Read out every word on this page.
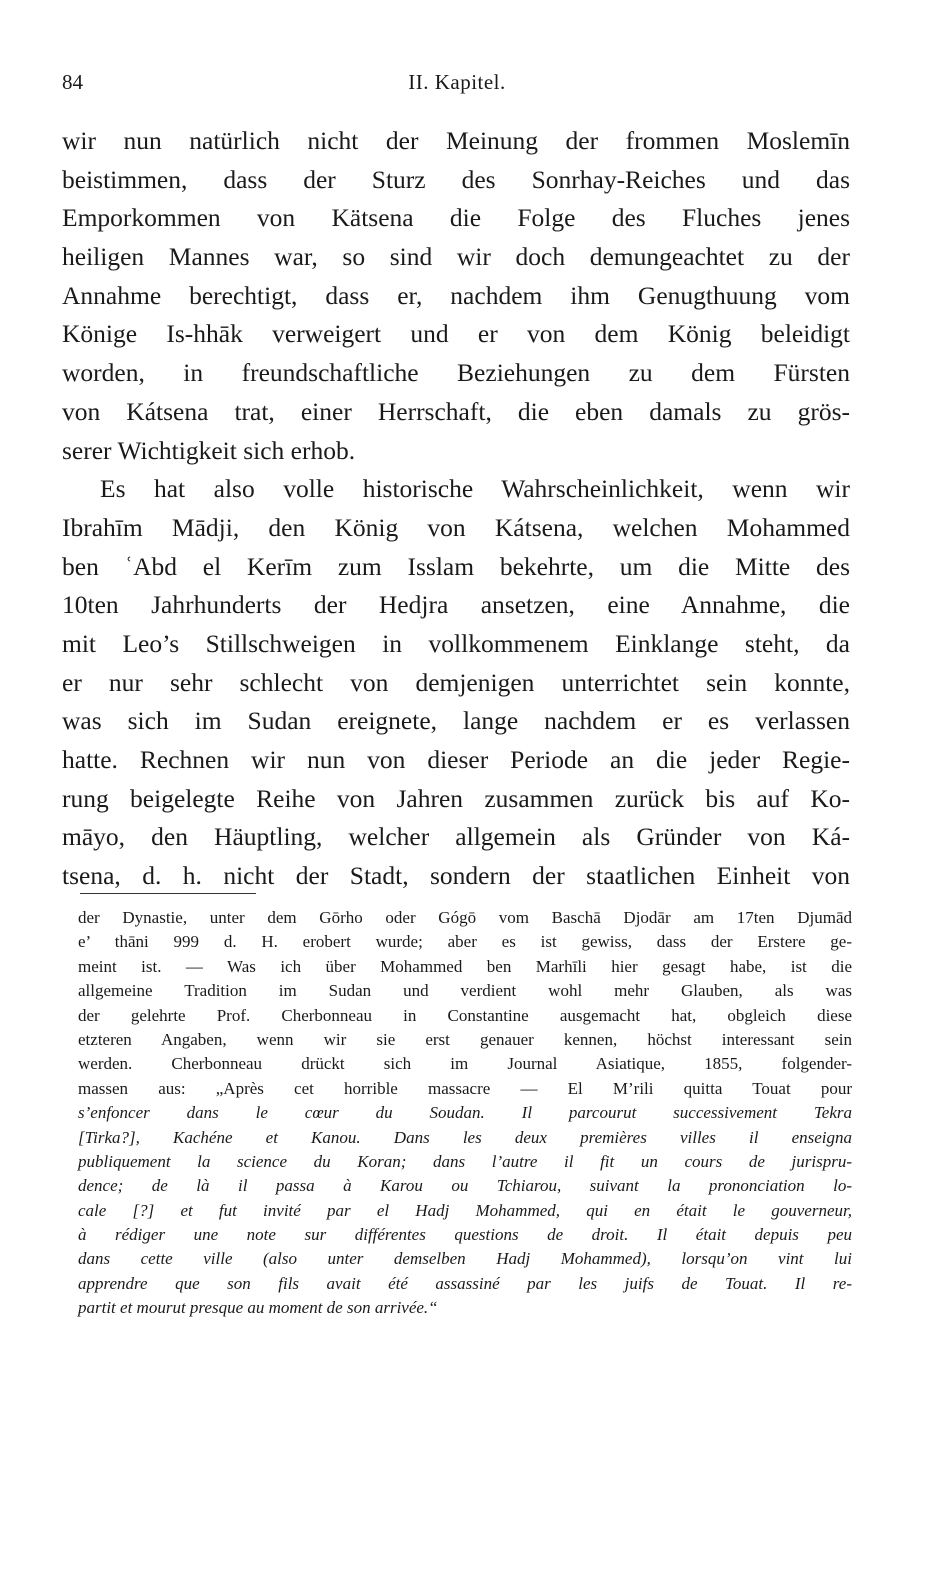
84	II. Kapitel.
wir nun natürlich nicht der Meinung der frommen Moslemīn
beistimmen, dass der Sturz des Sonrhay-Reiches und das
Emporkommen von Kätsena die Folge des Fluches jenes
heiligen Mannes war, so sind wir doch demungeachtet zu der
Annahme berechtigt, dass er, nachdem ihm Genugthuung vom
Könige Is-hhāk verweigert und er von dem König beleidigt
worden, in freundschaftliche Beziehungen zu dem Fürsten
von Kátsena trat, einer Herrschaft, die eben damals zu grös-
serer Wichtigkeit sich erhob.
Es hat also volle historische Wahrscheinlichkeit, wenn wir
Ibrahīm Mādji, den König von Kátsena, welchen Mohammed
ben ʿAbd el Kerīm zum Isslam bekehrte, um die Mitte des
10ten Jahrhunderts der Hedjra ansetzen, eine Annahme, die
mit Leo’s Stillschweigen in vollkommenem Einklange steht, da
er nur sehr schlecht von demjenigen unterrichtet sein konnte,
was sich im Sudan ereignete, lange nachdem er es verlassen
hatte. Rechnen wir nun von dieser Periode an die jeder Regie-
rung beigelegte Reihe von Jahren zusammen zurück bis auf Ko-
māyo, den Häuptling, welcher allgemein als Gründer von Ká-
tsena, d. h. nicht der Stadt, sondern der staatlichen Einheit von
der Dynastie, unter dem Gōrho oder Gógō vom Baschā Djodār am 17ten Djumād
e’ thāni 999 d. H. erobert wurde; aber es ist gewiss, dass der Erstere ge-
meint ist. — Was ich über Mohammed ben Marhīli hier gesagt habe, ist die
allgemeine Tradition im Sudan und verdient wohl mehr Glauben, als was
der gelehrte Prof. Cherbonneau in Constantine ausgemacht hat, obgleich diese
etzteren Angaben, wenn wir sie erst genauer kennen, höchst interessant sein
werden. Cherbonneau drückt sich im Journal Asiatique, 1855, folgender-
massen aus: „Après cet horrible massacre — El M’rili quitta Touat pour
s’enfoncer dans le cœur du Soudan. Il parcourut successivement Tekra
[Tirka?], Kachéne et Kanou. Dans les deux premières villes il enseigna
publiquement la science du Koran; dans l’autre il fit un cours de jurispru-
dence; de là il passa à Karou ou Tchiarou, suivant la prononciation lo-
cale [?] et fut invité par el Hadj Mohammed, qui en était le gouverneur,
à rédiger une note sur différentes questions de droit. Il était depuis peu
dans cette ville (also unter demselben Hadj Mohammed), lorsqu’on vint lui
apprendre que son fils avait été assassiné par les juifs de Touat. Il re-
partit et mourut presque au moment de son arrivée.“
